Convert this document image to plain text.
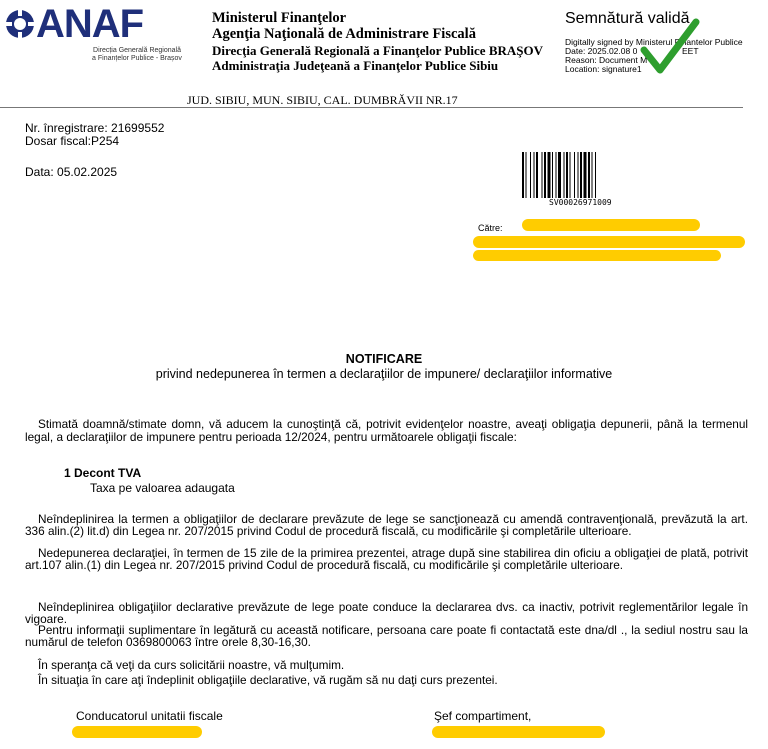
ANAF
Direcția Generală Regională
a Finanțelor Publice - Brașov
Ministerul Finanţelor
Agenţia Naţională de Administrare Fiscală
Direcţia Generală Regională a Finanţelor Publice BRAŞOV
Administraţia Judeţeană a Finanţelor Publice Sibiu
Semnătură validă
Digitally signed by Ministerul Finantelor Publice
Date: 2025.02.08 0	EET
Reason: Document M
Location: signature1
JUD. SIBIU, MUN. SIBIU, CAL. DUMBRĂVII NR.17
Nr. înregistrare: 21699552
Dosar fiscal:P254
Data: 05.02.2025
SV00026971009
Către:
NOTIFICARE
privind nedepunerea în termen a declaraţiilor de impunere/ declaraţiilor informative
Stimată doamnă/stimate domn, vă aducem la cunoştinţă că, potrivit evidenţelor noastre, aveaţi obligaţia depunerii, până la termenul legal, a declaraţiilor de impunere pentru perioada 12/2024, pentru următoarele obligaţii fiscale:
1 Decont TVA
Taxa pe valoarea adaugata
Neîndeplinirea la termen a obligaţiilor de declarare prevăzute de lege se sancţionează cu amendă contravenţională, prevăzută la art. 336 alin.(2) lit.d) din Legea nr. 207/2015 privind Codul de procedură fiscală, cu modificările şi completările ulterioare.
Nedepunerea declaraţiei, în termen de 15 zile de la primirea prezentei, atrage după sine stabilirea din oficiu a obligaţiei de plată, potrivit art.107 alin.(1) din Legea nr. 207/2015 privind Codul de procedură fiscală, cu modificările şi completările ulterioare.
Neîndeplinirea obligaţiilor declarative prevăzute de lege poate conduce la declararea dvs. ca inactiv, potrivit reglementărilor legale în vigoare.
Pentru informaţii suplimentare în legătură cu această notificare, persoana care poate fi contactată este dna/dl ., la sediul nostru sau la numărul de telefon 0369800063 între orele 8,30-16,30.
În speranţa că veţi da curs solicitării noastre, vă mulţumim.
În situaţia în care aţi îndeplinit obligaţiile declarative, vă rugăm să nu daţi curs prezentei.
Conducatorul unitatii fiscale	Şef compartiment,
